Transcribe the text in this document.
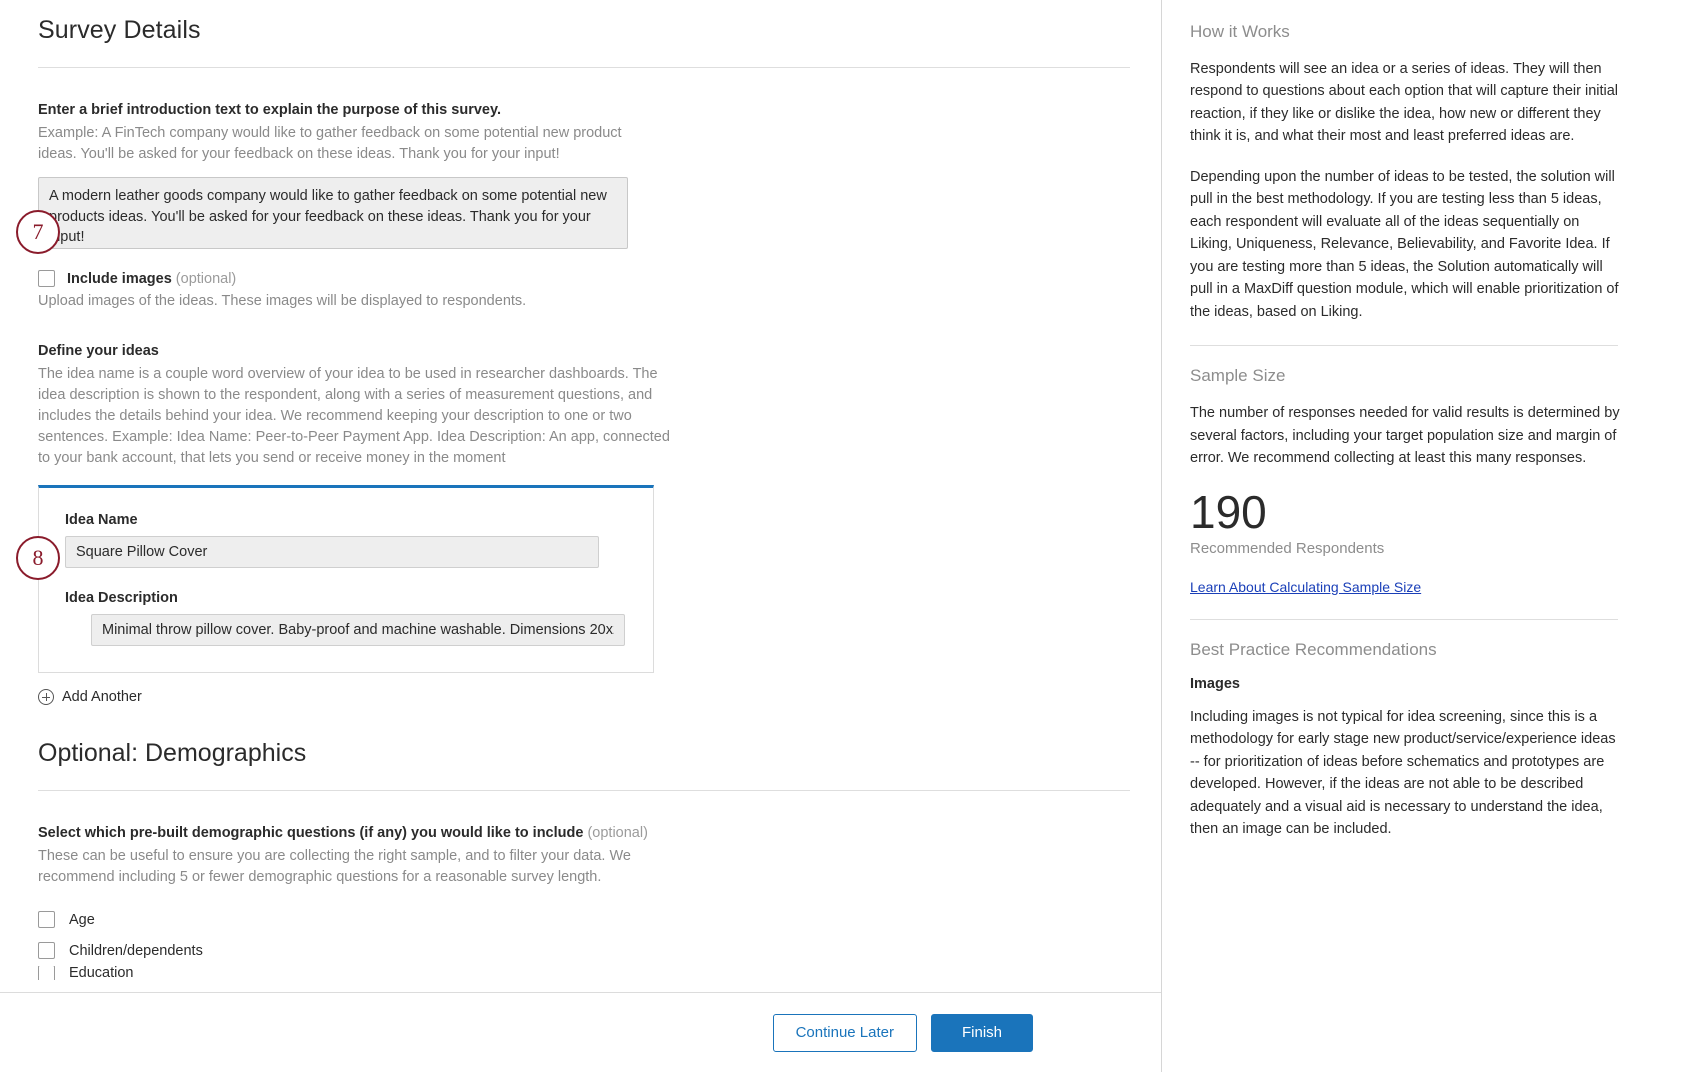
Survey Details
Enter a brief introduction text to explain the purpose of this survey.
Example: A FinTech company would like to gather feedback on some potential new product ideas. You'll be asked for your feedback on these ideas. Thank you for your input!
A modern leather goods company would like to gather feedback on some potential new products ideas. You'll be asked for your feedback on these ideas. Thank you for your input!
Include images (optional)
Upload images of the ideas. These images will be displayed to respondents.
Define your ideas
The idea name is a couple word overview of your idea to be used in researcher dashboards. The idea description is shown to the respondent, along with a series of measurement questions, and includes the details behind your idea. We recommend keeping your description to one or two sentences. Example: Idea Name: Peer-to-Peer Payment App. Idea Description: An app, connected to your bank account, that lets you send or receive money in the moment
Idea Name
Square Pillow Cover
Idea Description
Minimal throw pillow cover. Baby-proof and machine washable. Dimensions 20x20'
Add Another
Optional: Demographics
Select which pre-built demographic questions (if any) you would like to include (optional)
These can be useful to ensure you are collecting the right sample, and to filter your data. We recommend including 5 or fewer demographic questions for a reasonable survey length.
Age
Children/dependents
Education
Continue Later	Finish
7
8
How it Works

Respondents will see an idea or a series of ideas. They will then respond to questions about each option that will capture their initial reaction, if they like or dislike the idea, how new or different they think it is, and what their most and least preferred ideas are.

Depending upon the number of ideas to be tested, the solution will pull in the best methodology. If you are testing less than 5 ideas, each respondent will evaluate all of the ideas sequentially on Liking, Uniqueness, Relevance, Believability, and Favorite Idea. If you are testing more than 5 ideas, the Solution automatically will pull in a MaxDiff question module, which will enable prioritization of the ideas, based on Liking.

Sample Size

The number of responses needed for valid results is determined by several factors, including your target population size and margin of error. We recommend collecting at least this many responses.

190
Recommended Respondents
Learn About Calculating Sample Size
Best Practice Recommendations
Images

Including images is not typical for idea screening, since this is a methodology for early stage new product/service/experience ideas -- for prioritization of ideas before schematics and prototypes are developed. However, if the ideas are not able to be described adequately and a visual aid is necessary to understand the idea, then an image can be included.
